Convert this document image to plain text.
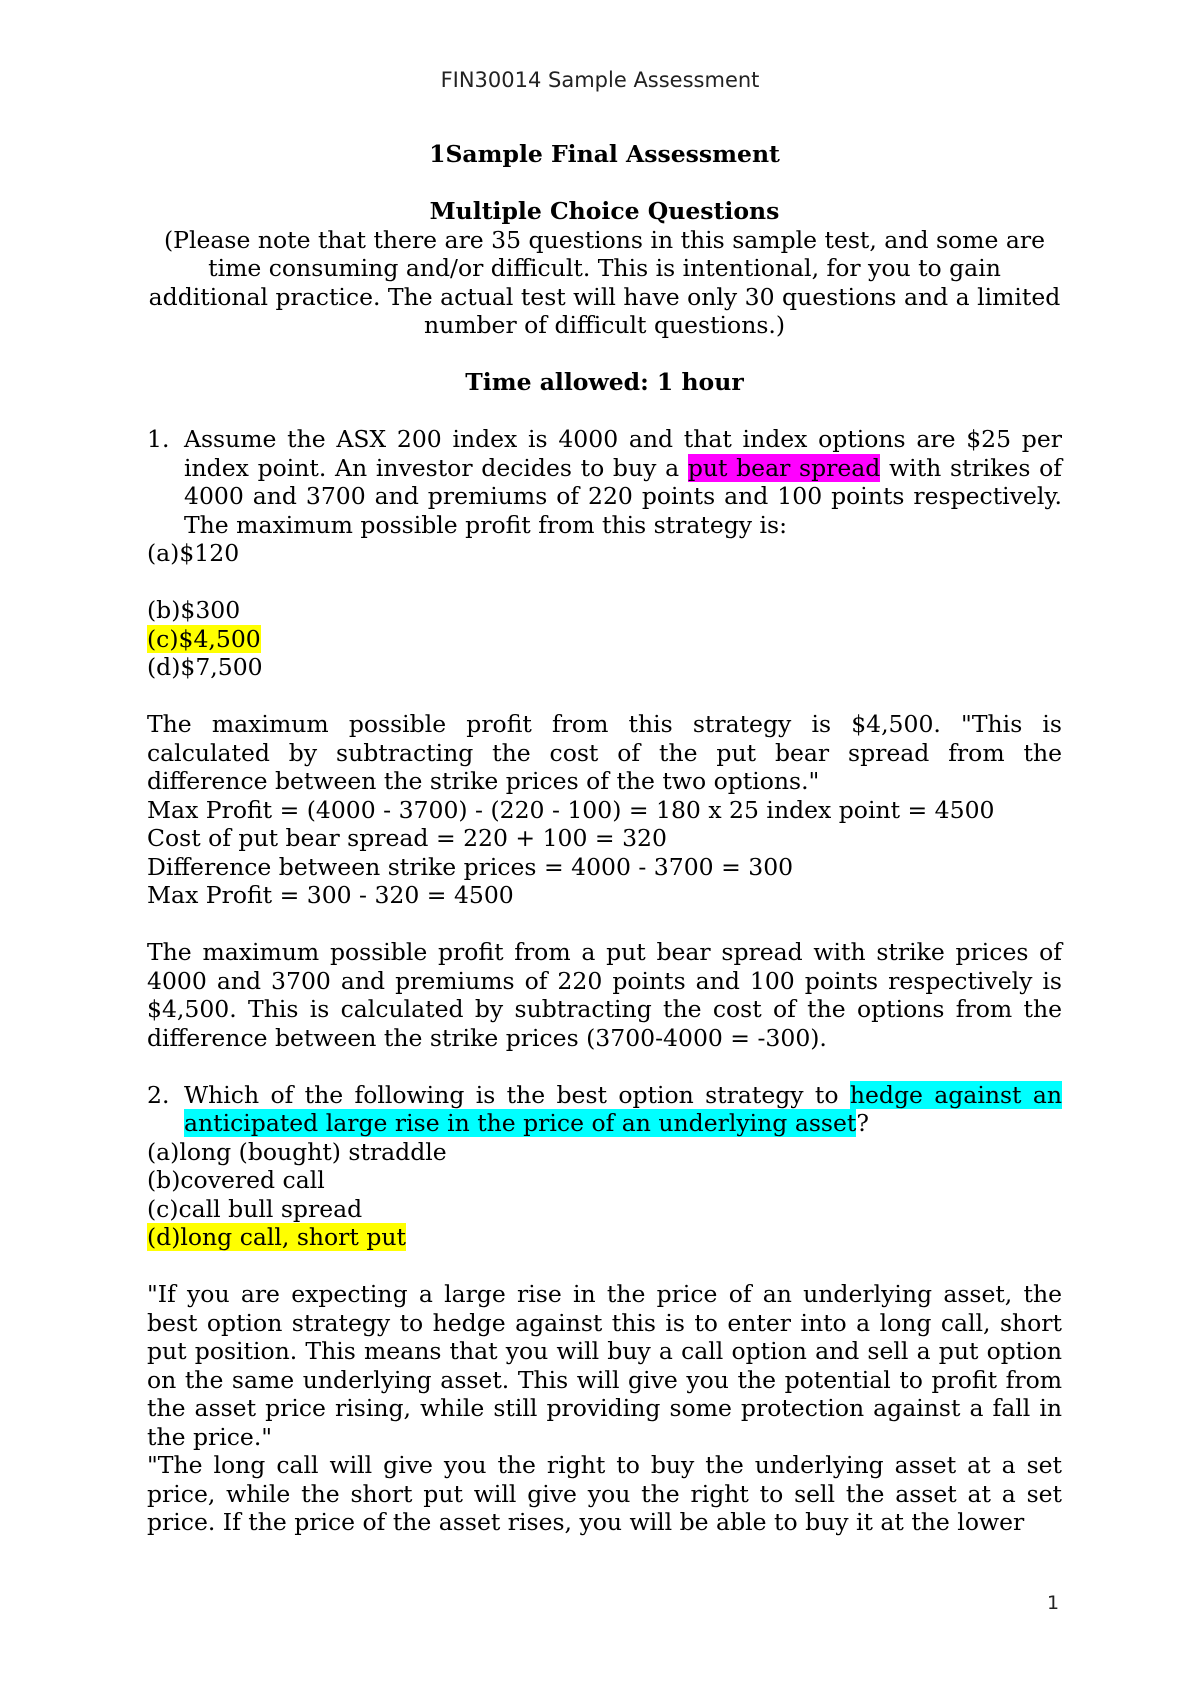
FIN30014 Sample Assessment
1Sample Final Assessment
Multiple Choice Questions
(Please note that there are 35 questions in this sample test, and some are time consuming and/or difficult. This is intentional, for you to gain additional practice. The actual test will have only 30 questions and a limited number of difficult questions.)
Time allowed: 1 hour
1. Assume the ASX 200 index is 4000 and that index options are $25 per index point. An investor decides to buy a put bear spread with strikes of 4000 and 3700 and premiums of 220 points and 100 points respectively. The maximum possible profit from this strategy is:
(a)$120
(b)$300
(c)$4,500
(d)$7,500
The maximum possible profit from this strategy is $4,500. "This is calculated by subtracting the cost of the put bear spread from the difference between the strike prices of the two options."
Max Profit = (4000 - 3700) - (220 - 100) = 180 x 25 index point = 4500
Cost of put bear spread = 220 + 100 = 320
Difference between strike prices = 4000 - 3700 = 300
Max Profit = 300 - 320 = 4500
The maximum possible profit from a put bear spread with strike prices of 4000 and 3700 and premiums of 220 points and 100 points respectively is $4,500. This is calculated by subtracting the cost of the options from the difference between the strike prices (3700-4000 = -300).
2. Which of the following is the best option strategy to hedge against an anticipated large rise in the price of an underlying asset?
(a)long (bought) straddle
(b)covered call
(c)call bull spread
(d)long call, short put
"If you are expecting a large rise in the price of an underlying asset, the best option strategy to hedge against this is to enter into a long call, short put position. This means that you will buy a call option and sell a put option on the same underlying asset. This will give you the potential to profit from the asset price rising, while still providing some protection against a fall in the price."
"The long call will give you the right to buy the underlying asset at a set price, while the short put will give you the right to sell the asset at a set price. If the price of the asset rises, you will be able to buy it at the lower
1
